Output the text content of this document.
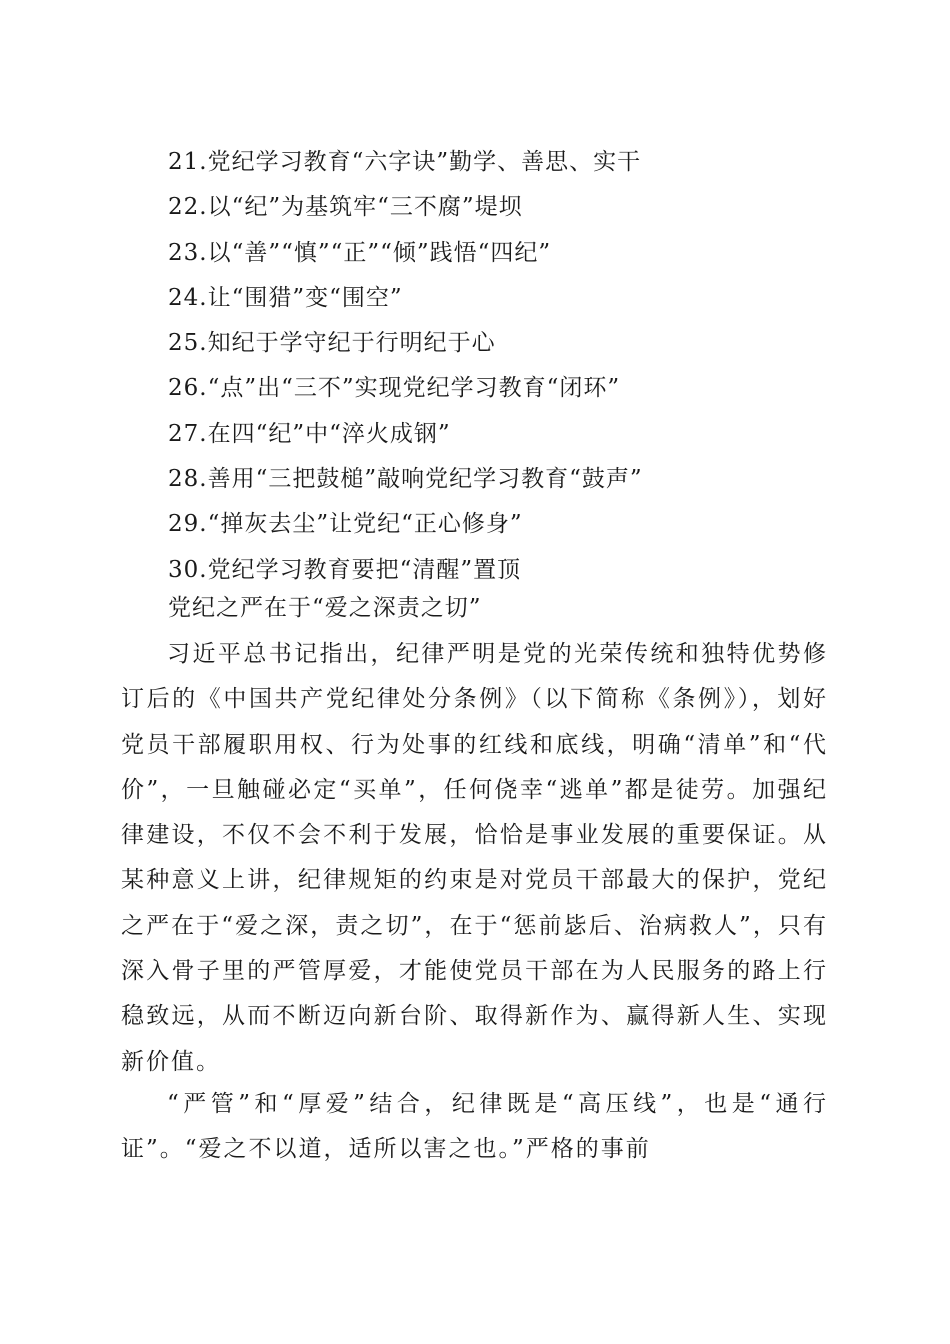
21.党纪学习教育“六字诀”勤学、善思、实干
22.以“纪”为基筑牢“三不腐”堤坝
23.以“善”“慎”“正”“倾”践悟“四纪”
24.让“围猎”变“围空”
25.知纪于学守纪于行明纪于心
26.“点”出“三不”实现党纪学习教育“闭环”
27.在四“纪”中“淬火成钢”
28.善用“三把鼓槌”敲响党纪学习教育“鼓声”
29.“掸灰去尘”让党纪“正心修身”
30.党纪学习教育要把“清醒”置顶
党纪之严在于“爱之深责之切”

习近平总书记指出，纪律严明是党的光荣传统和独特优势修订后的《中国共产党纪律处分条例》（以下简称《条例》），划好党员干部履职用权、行为处事的红线和底线，明确“清单”和“代价”，一旦触碰必定“买单”，任何侥幸“逃单”都是徒劳。加强纪律建设，不仅不会不利于发展，恰恰是事业发展的重要保证。从某种意义上讲，纪律规矩的约束是对党员干部最大的保护，党纪之严在于“爱之深，责之切”，在于“惩前毖后、治病救人”，只有深入骨子里的严管厚爱，才能使党员干部在为人民服务的路上行稳致远，从而不断迈向新台阶、取得新作为、赢得新人生、实现新价值。

“严管”和“厚爱”结合，纪律既是“高压线”，也是“通行证”。“爱之不以道，适所以害之也。”严格的事前
